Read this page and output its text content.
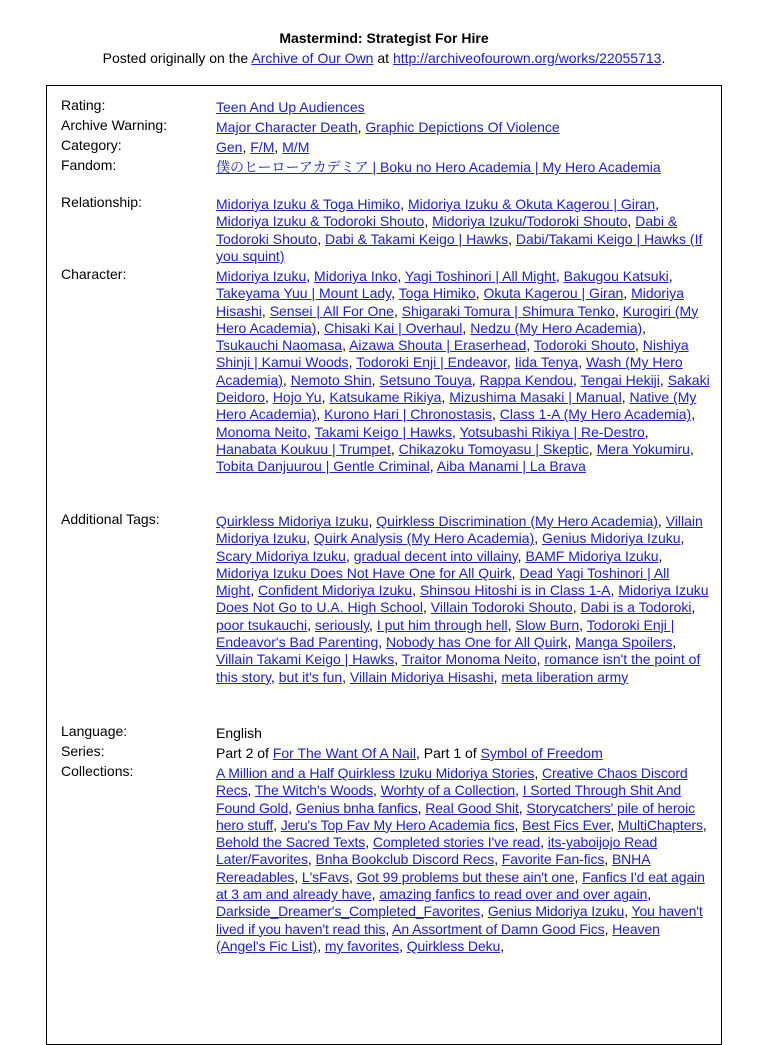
Mastermind: Strategist For Hire
Posted originally on the Archive of Our Own at http://archiveofourown.org/works/22055713.
Rating:	Teen And Up Audiences
Archive Warning:	Major Character Death, Graphic Depictions Of Violence
Category:	Gen, F/M, M/M
Fandom:	僕のヒーローアカデミア | Boku no Hero Academia | My Hero Academia
Relationship:	Midoriya Izuku & Toga Himiko, Midoriya Izuku & Okuta Kagerou | Giran, Midoriya Izuku & Todoroki Shouto, Midoriya Izuku/Todoroki Shouto, Dabi & Todoroki Shouto, Dabi & Takami Keigo | Hawks, Dabi/Takami Keigo | Hawks (If you squint)
Character:	Midoriya Izuku, Midoriya Inko, Yagi Toshinori | All Might, Bakugou Katsuki, Takeyama Yuu | Mount Lady, Toga Himiko, Okuta Kagerou | Giran, Midoriya Hisashi, Sensei | All For One, Shigaraki Tomura | Shimura Tenko, Kurogiri (My Hero Academia), Chisaki Kai | Overhaul, Nedzu (My Hero Academia), Tsukauchi Naomasa, Aizawa Shouta | Eraserhead, Todoroki Shouto, Nishiya Shinji | Kamui Woods, Todoroki Enji | Endeavor, Iida Tenya, Wash (My Hero Academia), Nemoto Shin, Setsuno Touya, Rappa Kendou, Tengai Hekiji, Sakaki Deidoro, Hojo Yu, Katsukame Rikiya, Mizushima Masaki | Manual, Native (My Hero Academia), Kurono Hari | Chronostasis, Class 1-A (My Hero Academia), Monoma Neito, Takami Keigo | Hawks, Yotsubashi Rikiya | Re-Destro, Hanabata Koukuu | Trumpet, Chikazoku Tomoyasu | Skeptic, Mera Yokumiru, Tobita Danjuurou | Gentle Criminal, Aiba Manami | La Brava
Additional Tags:	Quirkless Midoriya Izuku, Quirkless Discrimination (My Hero Academia), Villain Midoriya Izuku, Quirk Analysis (My Hero Academia), Genius Midoriya Izuku, Scary Midoriya Izuku, gradual decent into villainy, BAMF Midoriya Izuku, Midoriya Izuku Does Not Have One for All Quirk, Dead Yagi Toshinori | All Might, Confident Midoriya Izuku, Shinsou Hitoshi is in Class 1-A, Midoriya Izuku Does Not Go to U.A. High School, Villain Todoroki Shouto, Dabi is a Todoroki, poor tsukauchi, seriously, I put him through hell, Slow Burn, Todoroki Enji | Endeavor's Bad Parenting, Nobody has One for All Quirk, Manga Spoilers, Villain Takami Keigo | Hawks, Traitor Monoma Neito, romance isn't the point of this story, but it's fun, Villain Midoriya Hisashi, meta liberation army
Language:	English
Series:	Part 2 of For The Want Of A Nail, Part 1 of Symbol of Freedom
Collections:	A Million and a Half Quirkless Izuku Midoriya Stories, Creative Chaos Discord Recs, The Witch's Woods, Worhty of a Collection, I Sorted Through Shit And Found Gold, Genius bnha fanfics, Real Good Shit, Storycatchers' pile of heroic hero stuff, Jeru's Top Fav My Hero Academia fics, Best Fics Ever, MultiChapters, Behold the Sacred Texts, Completed stories I've read, its-yaboijojo Read Later/Favorites, Bnha Bookclub Discord Recs, Favorite Fan-fics, BNHA Rereadables, L'sFavs, Got 99 problems but these ain't one, Fanfics I'd eat again at 3 am and already have, amazing fanfics to read over and over again, Darkside_Dreamer's_Completed_Favorites, Genius Midoriya Izuku, You haven't lived if you haven't read this, An Assortment of Damn Good Fics, Heaven (Angel's Fic List), my favorites, Quirkless Deku,
